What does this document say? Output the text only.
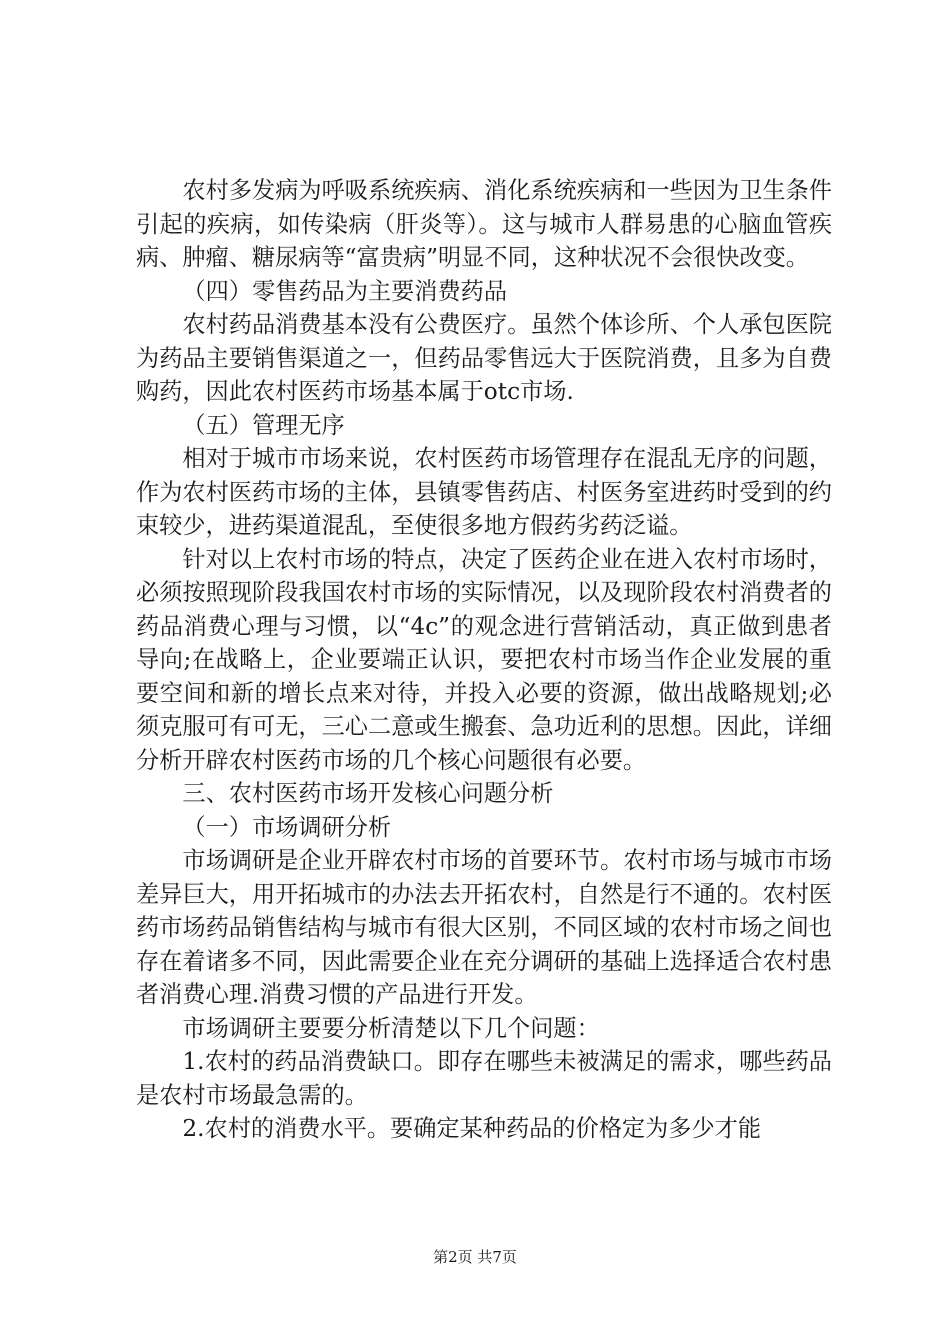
农村多发病为呼吸系统疾病、消化系统疾病和一些因为卫生条件引起的疾病，如传染病（肝炎等）。这与城市人群易患的心脑血管疾病、肿瘤、糖尿病等“富贵病”明显不同，这种状况不会很快改变。

（四）零售药品为主要消费药品

农村药品消费基本没有公费医疗。虽然个体诊所、个人承包医院为药品主要销售渠道之一，但药品零售远大于医院消费，且多为自费购药，因此农村医药市场基本属于otc市场.

（五）管理无序

相对于城市市场来说，农村医药市场管理存在混乱无序的问题，作为农村医药市场的主体，县镇零售药店、村医务室进药时受到的约束较少，进药渠道混乱，至使很多地方假药劣药泛谥。

针对以上农村市场的特点，决定了医药企业在进入农村市场时，必须按照现阶段我国农村市场的实际情况，以及现阶段农村消费者的药品消费心理与习惯，以“4c”的观念进行营销活动，真正做到患者导向;在战略上，企业要端正认识，要把农村市场当作企业发展的重要空间和新的增长点来对待，并投入必要的资源，做出战略规划;必须克服可有可无，三心二意或生搬套、急功近利的思想。因此，详细分析开辟农村医药市场的几个核心问题很有必要。

三、农村医药市场开发核心问题分析

（一）市场调研分析

市场调研是企业开辟农村市场的首要环节。农村市场与城市市场差异巨大，用开拓城市的办法去开拓农村，自然是行不通的。农村医药市场药品销售结构与城市有很大区别，不同区域的农村市场之间也存在着诸多不同，因此需要企业在充分调研的基础上选择适合农村患者消费心理.消费习惯的产品进行开发。

市场调研主要要分析清楚以下几个问题：

1.农村的药品消费缺口。即存在哪些未被满足的需求，哪些药品是农村市场最急需的。

2.农村的消费水平。要确定某种药品的价格定为多少才能

第2页 共7页
